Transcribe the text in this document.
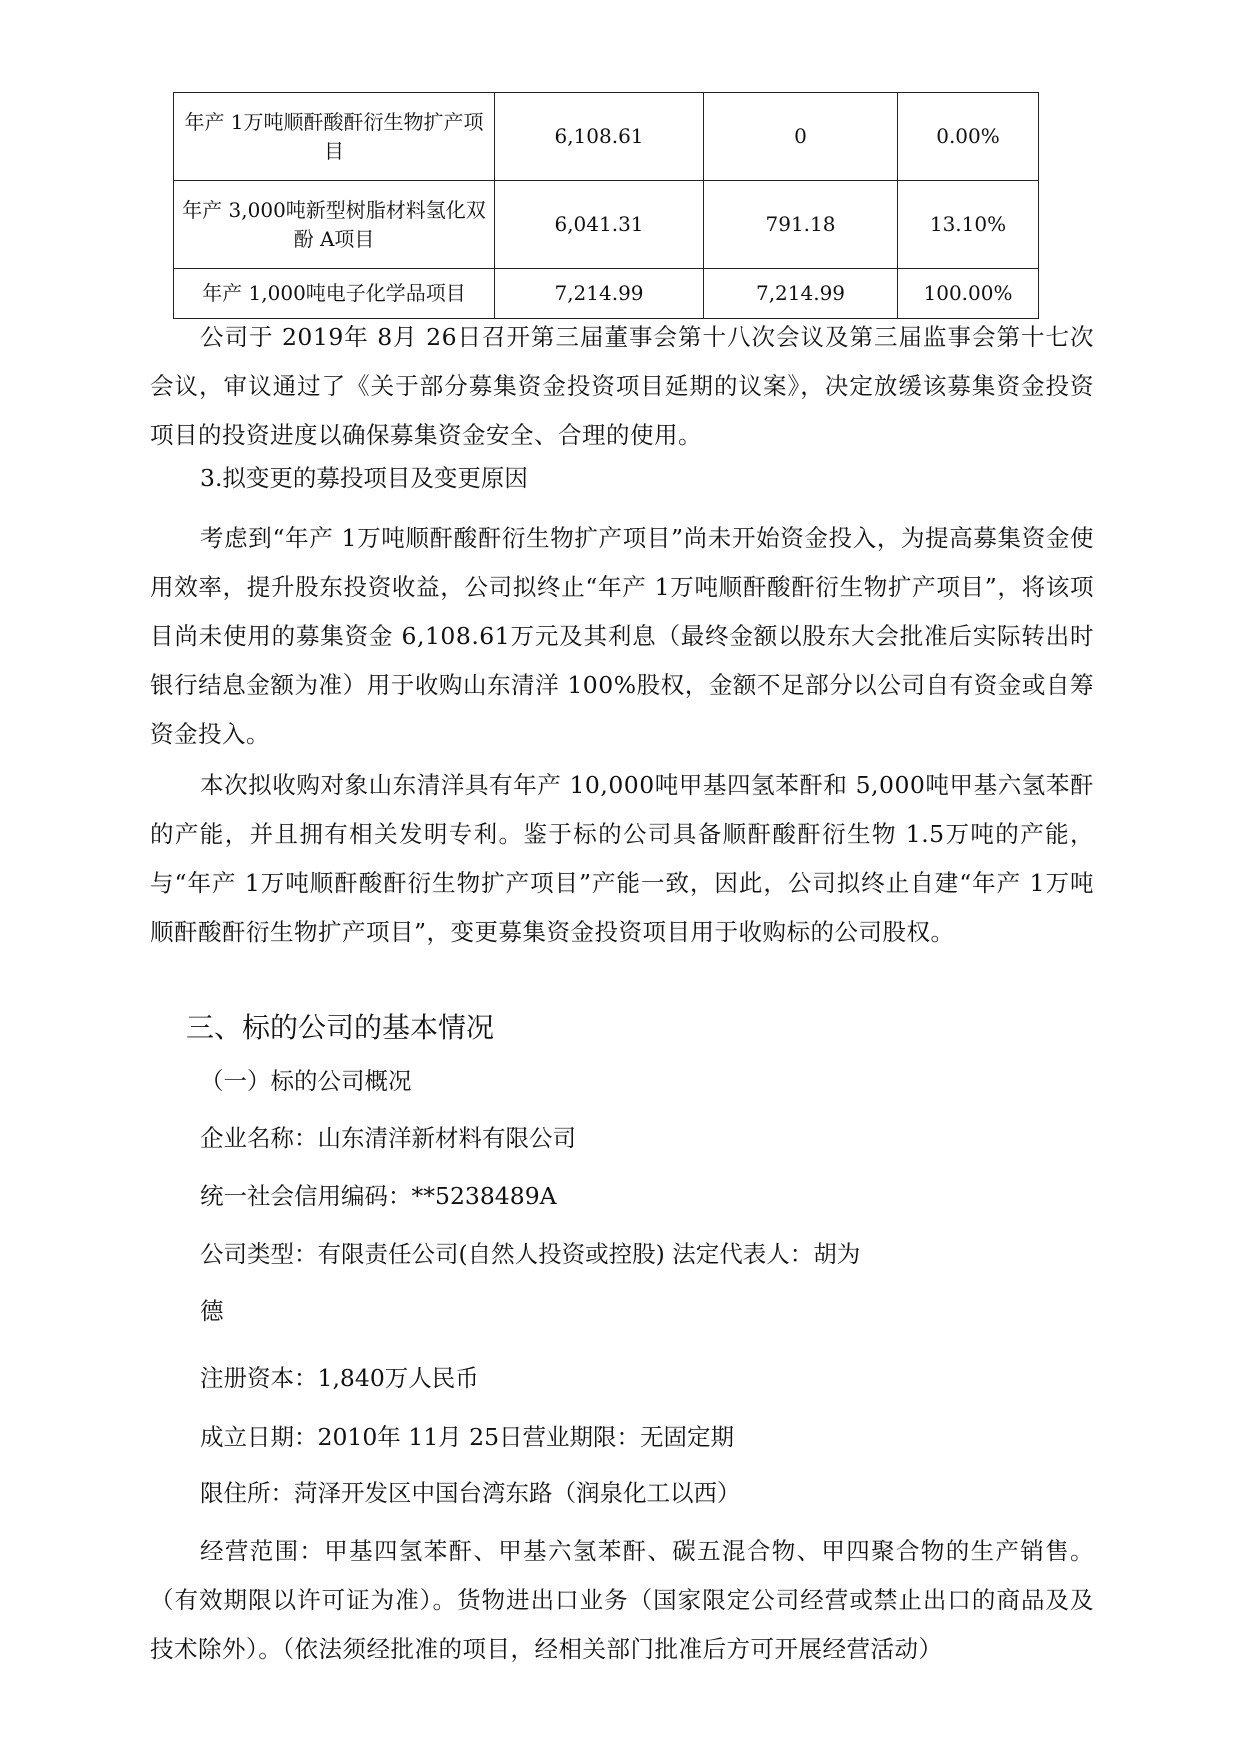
年产 1万吨顺酐酸酐衍生物扩产项目	6,108.61	0	0.00%
年产 3,000吨新型树脂材料氢化双酚 A项目	6,041.31	791.18	13.10%
年产 1,000吨电子化学品项目	7,214.99	7,214.99	100.00%
公司于 2019年 8月 26日召开第三届董事会第十八次会议及第三届监事会第十七次会议，审议通过了《关于部分募集资金投资项目延期的议案》，决定放缓该募集资金投资项目的投资进度以确保募集资金安全、合理的使用。
3.拟变更的募投项目及变更原因
考虑到“年产 1万吨顺酐酸酐衍生物扩产项目”尚未开始资金投入，为提高募集资金使用效率，提升股东投资收益，公司拟终止“年产 1万吨顺酐酸酐衍生物扩产项目”，将该项目尚未使用的募集资金 6,108.61万元及其利息（最终金额以股东大会批准后实际转出时银行结息金额为准）用于收购山东清洋 100%股权，金额不足部分以公司自有资金或自筹资金投入。
本次拟收购对象山东清洋具有年产 10,000吨甲基四氢苯酐和 5,000吨甲基六氢苯酐的产能，并且拥有相关发明专利。鉴于标的公司具备顺酐酸酐衍生物 1.5万吨的产能，与“年产 1万吨顺酐酸酐衍生物扩产项目”产能一致，因此，公司拟终止自建“年产 1万吨顺酐酸酐衍生物扩产项目”，变更募集资金投资项目用于收购标的公司股权。
三、标的公司的基本情况
（一）标的公司概况
企业名称：山东清洋新材料有限公司
统一社会信用编码：**5238489A
公司类型：有限责任公司(自然人投资或控股) 法定代表人：胡为
德
注册资本：1,840万人民币
成立日期：2010年 11月 25日营业期限：无固定期
限住所：菏泽开发区中国台湾东路（润泉化工以西）
经营范围：甲基四氢苯酐、甲基六氢苯酐、碳五混合物、甲四聚合物的生产销售。（有效期限以许可证为准）。货物进出口业务（国家限定公司经营或禁止出口的商品及及技术除外）。（依法须经批准的项目，经相关部门批准后方可开展经营活动）
